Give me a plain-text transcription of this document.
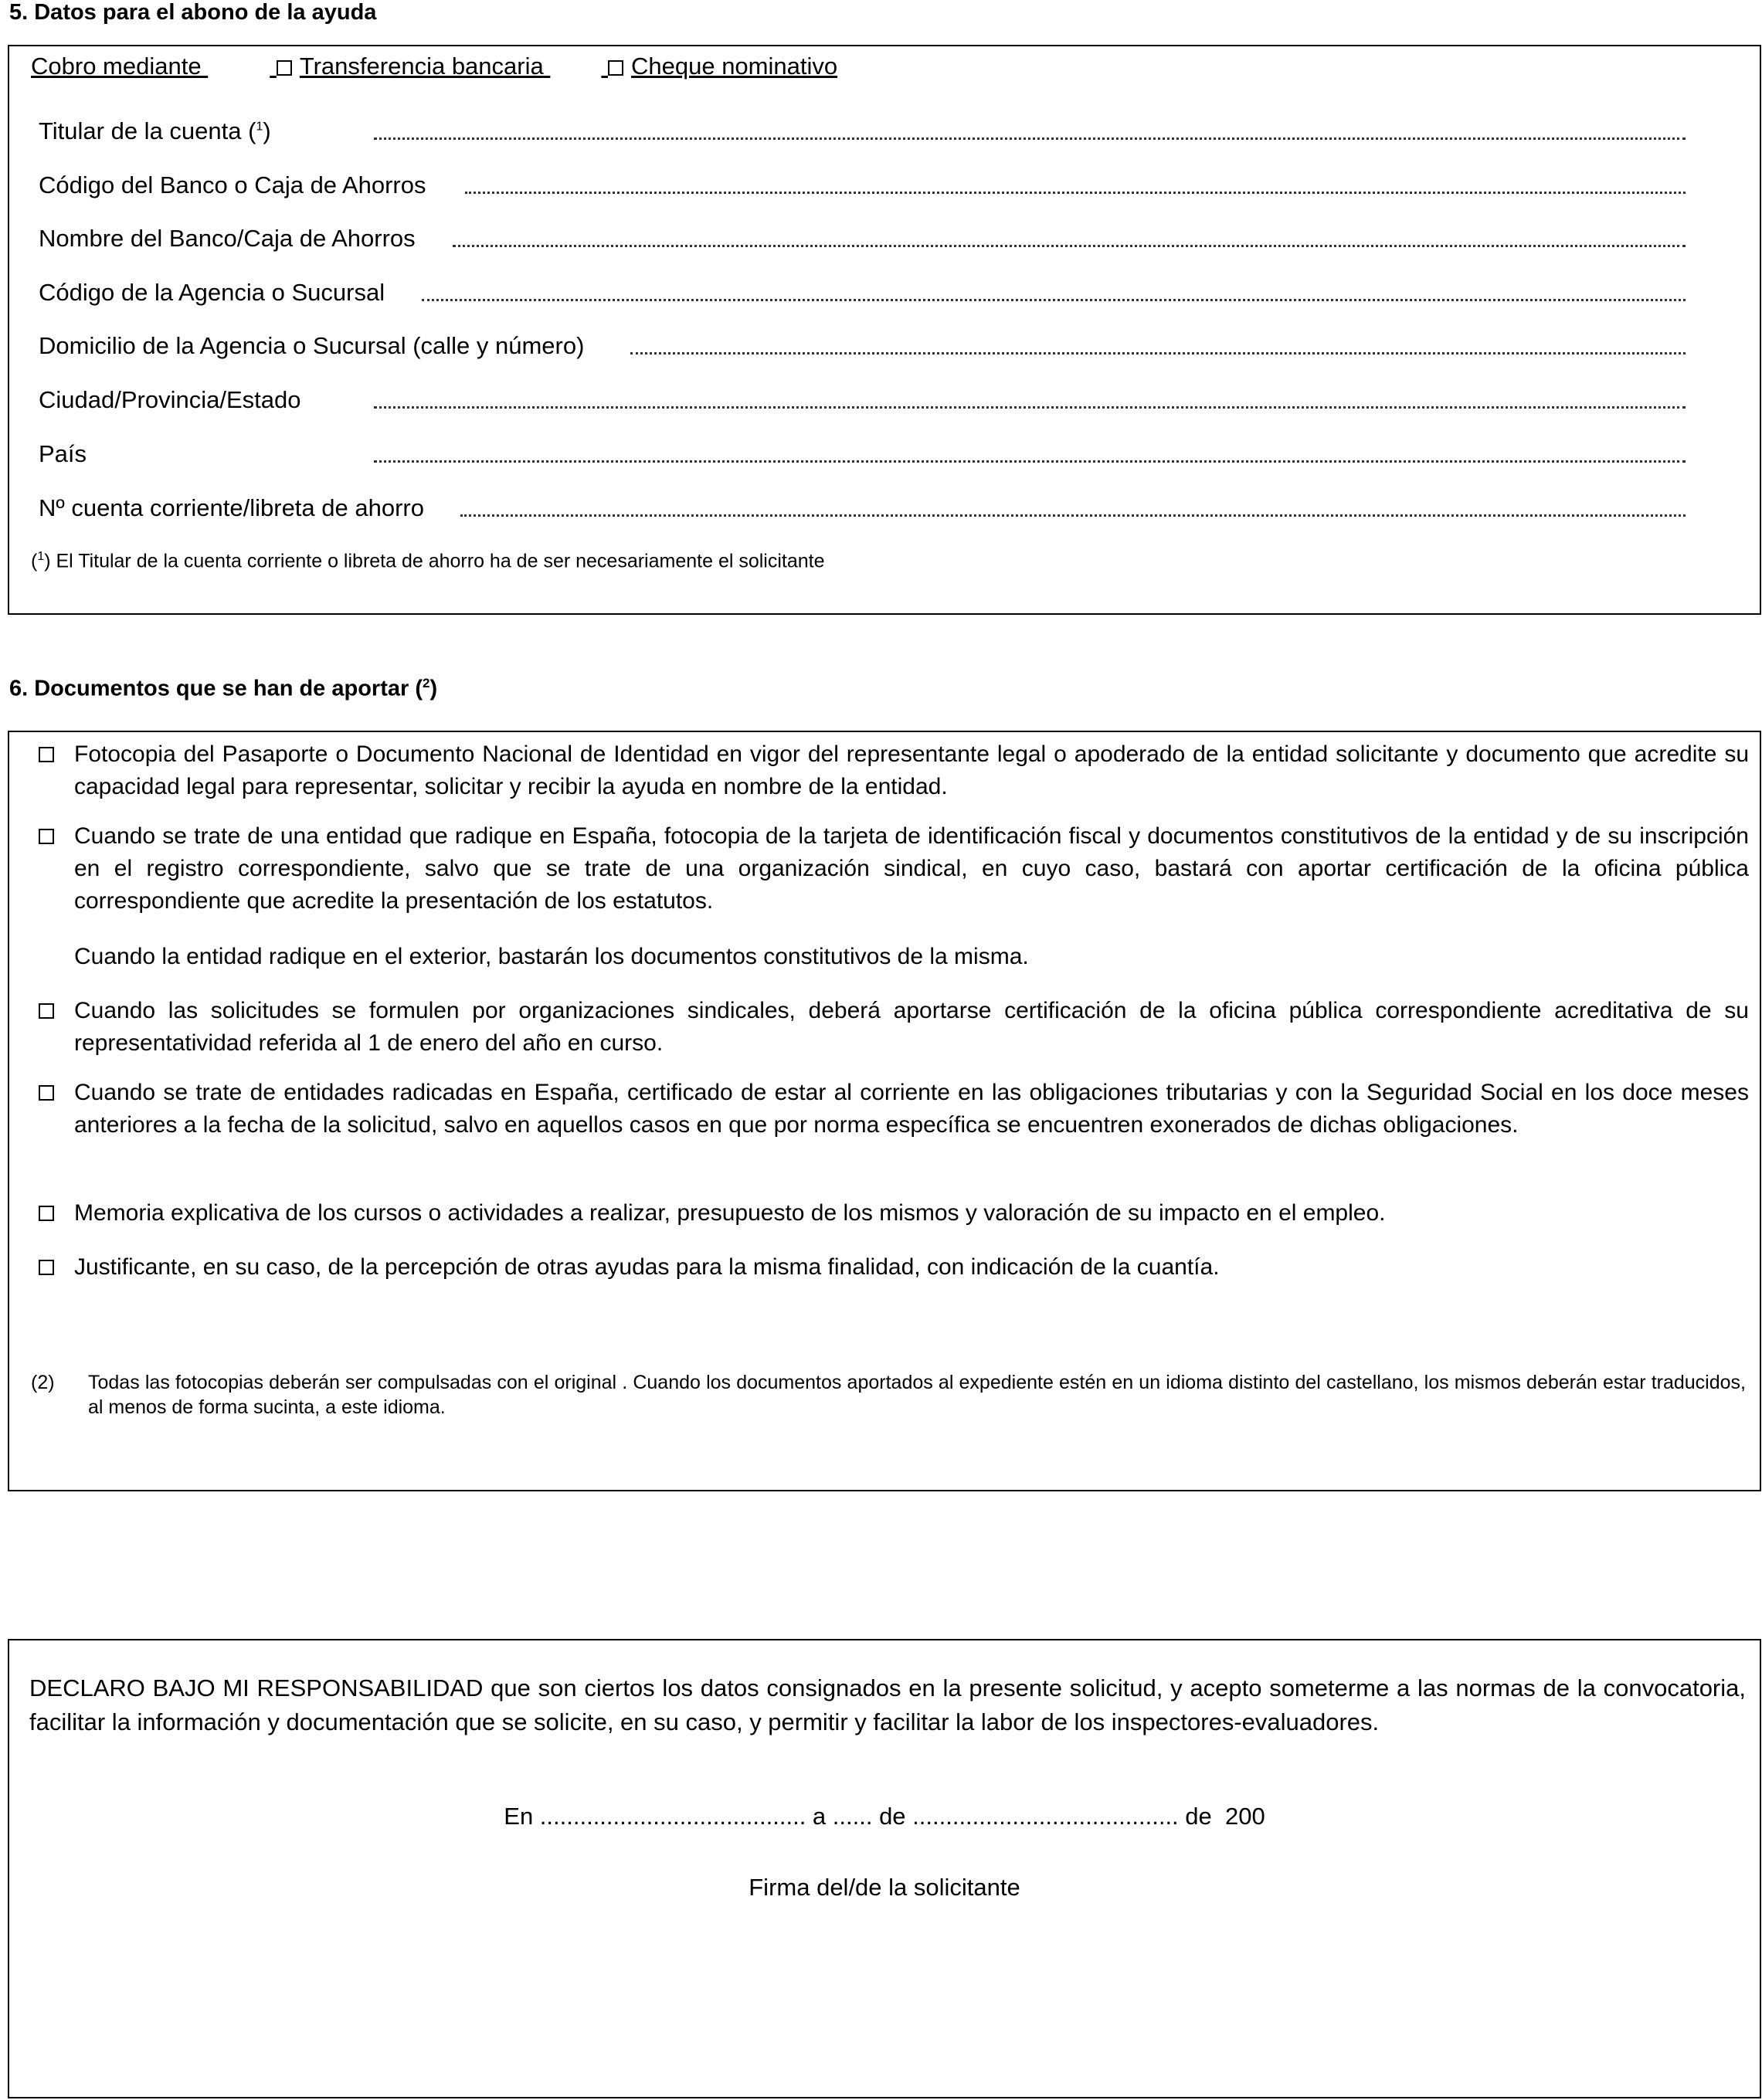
5. Datos para el abono de la ayuda
Cobro mediante	Transferencia bancaria	Cheque nominativo
Titular de la cuenta ($^1$)
Código del Banco o Caja de Ahorros
Nombre del Banco/Caja de Ahorros
Código de la Agencia o Sucursal
Domicilio de la Agencia o Sucursal (calle y número)
Ciudad/Provincia/Estado
País
Nº cuenta corriente/libreta de ahorro
($^1$) El Titular de la cuenta corriente o libreta de ahorro ha de ser necesariamente el solicitante
6. Documentos que se han de aportar ($^2$)
Fotocopia del Pasaporte o Documento Nacional de Identidad en vigor del representante legal o apoderado de la entidad solicitante y documento que acredite su capacidad legal para representar, solicitar y recibir la ayuda en nombre de la entidad.
Cuando se trate de una entidad que radique en España, fotocopia de la tarjeta de identificación fiscal y documentos constitutivos de la entidad y de su inscripción en el registro correspondiente, salvo que se trate de una organización sindical, en cuyo caso, bastará con aportar certificación de la oficina pública correspondiente que acredite la presentación de los estatutos.
Cuando la entidad radique en el exterior, bastarán los documentos constitutivos de la misma.
Cuando las solicitudes se formulen por organizaciones sindicales, deberá aportarse certificación de la oficina pública correspondiente acreditativa de su representatividad referida al 1 de enero del año en curso.
Cuando se trate de entidades radicadas en España, certificado de estar al corriente en las obligaciones tributarias y con la Seguridad Social en los doce meses anteriores a la fecha de la solicitud, salvo en aquellos casos en que por norma específica se encuentren exonerados de dichas obligaciones.
Memoria explicativa de los cursos o actividades a realizar, presupuesto de los mismos y valoración de su impacto en el empleo.
Justificante, en su caso, de la percepción de otras ayudas para la misma finalidad, con indicación de la cuantía.
(2) Todas las fotocopias deberán ser compulsadas con el original . Cuando los documentos aportados al expediente estén en un idioma distinto del castellano, los mismos deberán estar traducidos, al menos de forma sucinta, a este idioma.
DECLARO BAJO MI RESPONSABILIDAD que son ciertos los datos consignados en la presente solicitud, y acepto someterme a las normas de la convocatoria, facilitar la información y documentación que se solicite, en su caso, y permitir y facilitar la labor de los inspectores-evaluadores.
En ........................................ a ...... de ........................................ de  200
Firma del/de la solicitante
